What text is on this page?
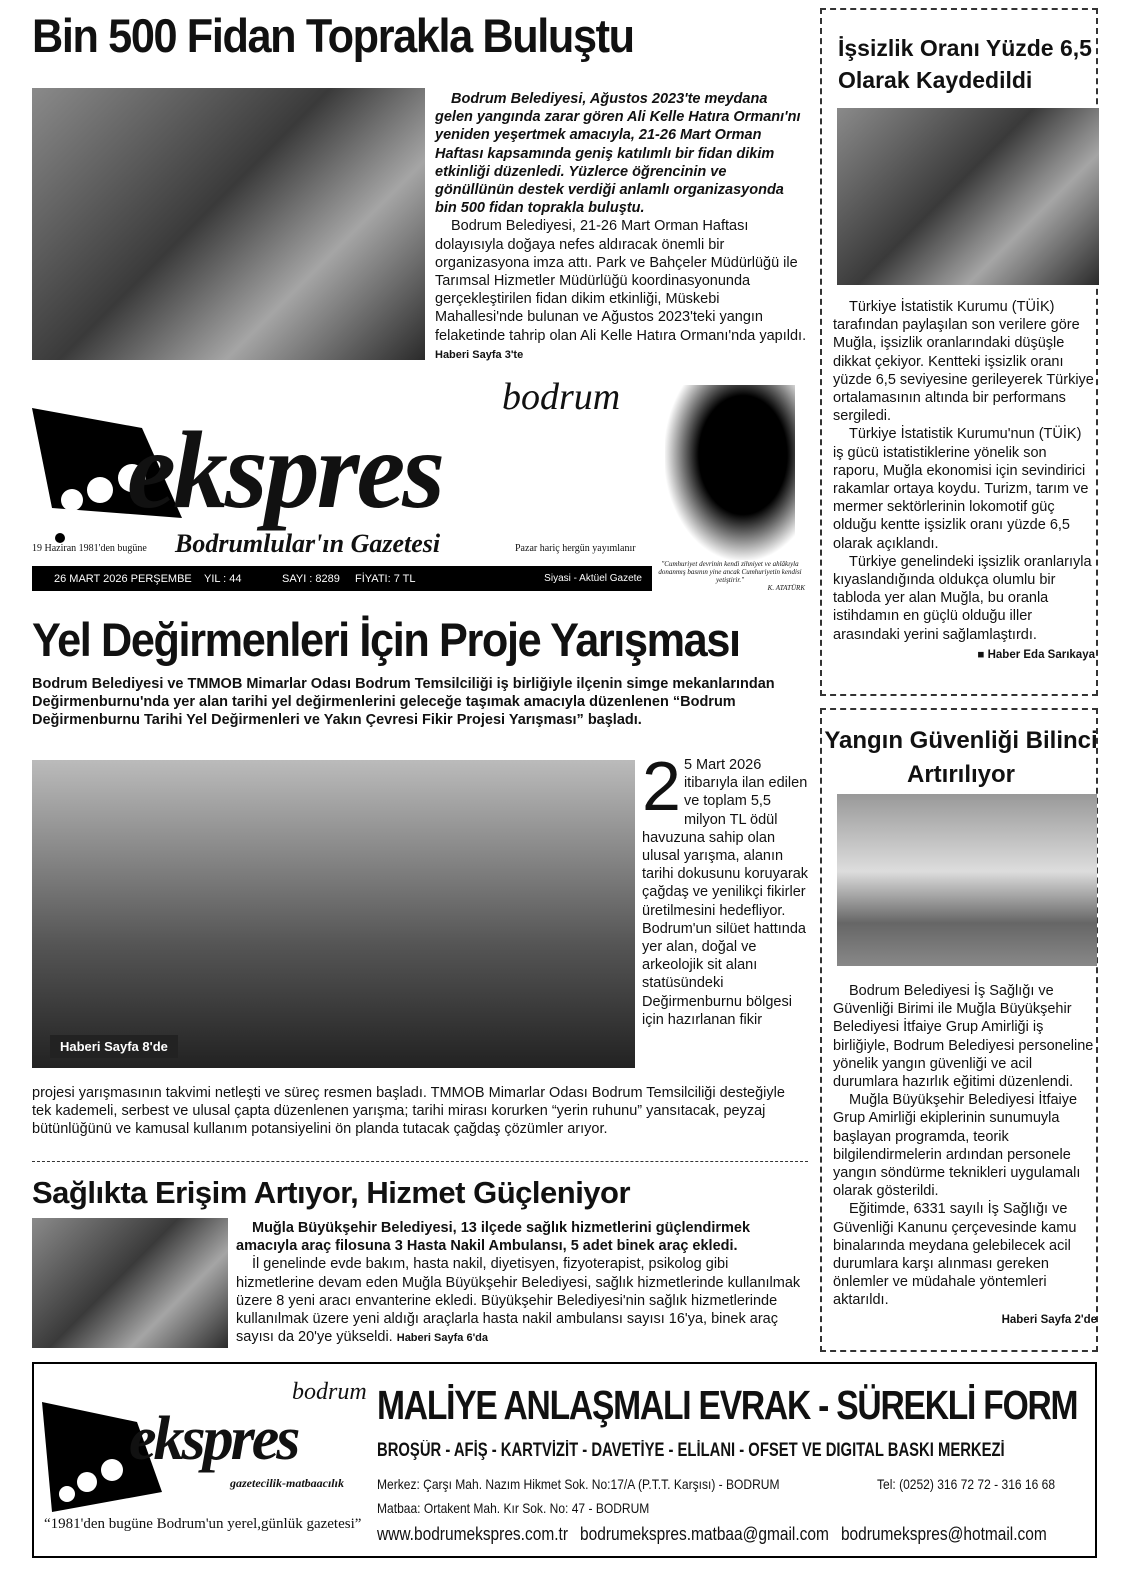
Bin 500 Fidan Toprakla Buluştu

Bodrum Belediyesi, Ağustos 2023'te meydana gelen yangında zarar gören Ali Kelle Hatıra Ormanı'nı yeniden yeşertmek amacıyla, 21-26 Mart Orman Haftası kapsamında geniş katılımlı bir fidan dikim etkinliği düzenledi. Yüzlerce öğrencinin ve gönüllünün destek verdiği anlamlı organizasyonda bin 500 fidan toprakla buluştu.

Bodrum Belediyesi, 21-26 Mart Orman Haftası dolayısıyla doğaya nefes aldıracak önemli bir organizasyona imza attı. Park ve Bahçeler Müdürlüğü ile Tarımsal Hizmetler Müdürlüğü koordinasyonunda gerçekleştirilen fidan dikim etkinliği, Müskebi Mahallesi'nde bulunan ve Ağustos 2023'teki yangın felaketinde tahrip olan Ali Kelle Hatıra Ormanı'nda yapıldı. Haberi Sayfa 3'te

bodrum
ekspres
19 Haziran 1981'den bugüne Bodrumlular'ın Gazetesi	Pazar hariç hergün yayımlanır
26 MART 2026 PERŞEMBE	YIL : 44	SAYI : 8289	FİYATI: 7 TL	Siyasi - Aktüel Gazete
"Cumhuriyet devrinin kendi zihniyet ve ahlâkıyla donanmış basının yine ancak Cumhuriyetin kendisi yetiştirir."
K. ATATÜRK
Yel Değirmenleri İçin Proje Yarışması
Bodrum Belediyesi ve TMMOB Mimarlar Odası Bodrum Temsilciliği iş birliğiyle ilçenin simge mekanlarından Değirmenburnu'nda yer alan tarihi yel değirmenlerini geleceğe taşımak amacıyla düzenlenen “Bodrum Değirmenburnu Tarihi Yel Değirmenleri ve Yakın Çevresi Fikir Projesi Yarışması” başladı.
Haberi Sayfa 8'de
2 5 Mart 2026 itibarıyla ilan edilen ve toplam 5,5 milyon TL ödül havuzuna sahip olan ulusal yarışma, alanın tarihi dokusunu koruyarak çağdaş ve yenilikçi fikirler üretilmesini hedefliyor. Bodrum'un silüet hattında yer alan, doğal ve arkeolojik sit alanı statüsündeki Değirmenburnu bölgesi için hazırlanan fikir
projesi yarışmasının takvimi netleşti ve süreç resmen başladı. TMMOB Mimarlar Odası Bodrum Temsilciliği desteğiyle tek kademeli, serbest ve ulusal çapta düzenlenen yarışma; tarihi mirası korurken “yerin ruhunu” yansıtacak, peyzaj bütünlüğünü ve kamusal kullanım potansiyelini ön planda tutacak çağdaş çözümler arıyor.
Sağlıkta Erişim Artıyor, Hizmet Güçleniyor

Muğla Büyükşehir Belediyesi, 13 ilçede sağlık hizmetlerini güçlendirmek amacıyla araç filosuna 3 Hasta Nakil Ambulansı, 5 adet binek araç ekledi.

İl genelinde evde bakım, hasta nakil, diyetisyen, fizyoterapist, psikolog gibi hizmetlerine devam eden Muğla Büyükşehir Belediyesi, sağlık hizmetlerinde kullanılmak üzere 8 yeni aracı envanterine ekledi. Büyükşehir Belediyesi'nin sağlık hizmetlerinde kullanılmak üzere yeni aldığı araçlarla hasta nakil ambulansı sayısı 16'ya, binek araç sayısı da 20'ye yükseldi. Haberi Sayfa 6'da

İşsizlik Oranı Yüzde 6,5 Olarak Kaydedildi

Türkiye İstatistik Kurumu (TÜİK) tarafından paylaşılan son verilere göre Muğla, işsizlik oranlarındaki düşüşle dikkat çekiyor. Kentteki işsizlik oranı yüzde 6,5 seviyesine gerileyerek Türkiye ortalamasının altında bir performans sergiledi.

Türkiye İstatistik Kurumu'nun (TÜİK) iş gücü istatistiklerine yönelik son raporu, Muğla ekonomisi için sevindirici rakamlar ortaya koydu. Turizm, tarım ve mermer sektörlerinin lokomotif güç olduğu kentte işsizlik oranı yüzde 6,5 olarak açıklandı.

Türkiye genelindeki işsizlik oranlarıyla kıyaslandığında oldukça olumlu bir tabloda yer alan Muğla, bu oranla istihdamın en güçlü olduğu iller arasındaki yerini sağlamlaştırdı.

■ Haber Eda Sarıkaya
Yangın Güvenliği Bilinci Artırılıyor

Bodrum Belediyesi İş Sağlığı ve Güvenliği Birimi ile Muğla Büyükşehir Belediyesi İtfaiye Grup Amirliği iş birliğiyle, Bodrum Belediyesi personeline yönelik yangın güvenliği ve acil durumlara hazırlık eğitimi düzenlendi.

Muğla Büyükşehir Belediyesi İtfaiye Grup Amirliği ekiplerinin sunumuyla başlayan programda, teorik bilgilendirmelerin ardından personele yangın söndürme teknikleri uygulamalı olarak gösterildi.

Eğitimde, 6331 sayılı İş Sağlığı ve Güvenliği Kanunu çerçevesinde kamu binalarında meydana gelebilecek acil durumlara karşı alınması gereken önlemler ve müdahale yöntemleri aktarıldı.

Haberi Sayfa 2'de
bodrum
ekspres
gazetecilik-matbaacılık
“1981'den bugüne Bodrum'un yerel,günlük gazetesi”
MALİYE ANLAŞMALI EVRAK - SÜREKLİ FORM
BROŞÜR - AFİŞ - KARTVİZİT - DAVETİYE - ELİLANI - OFSET VE DIGITAL BASKI MERKEZİ
Merkez: Çarşı Mah. Nazım Hikmet Sok. No:17/A (P.T.T. Karşısı) - BODRUM	Tel: (0252) 316 72 72 - 316 16 68
Matbaa: Ortakent Mah. Kır Sok. No: 47 - BODRUM
www.bodrumekspres.com.tr bodrumekspres.matbaa@gmail.com bodrumekspres@hotmail.com
